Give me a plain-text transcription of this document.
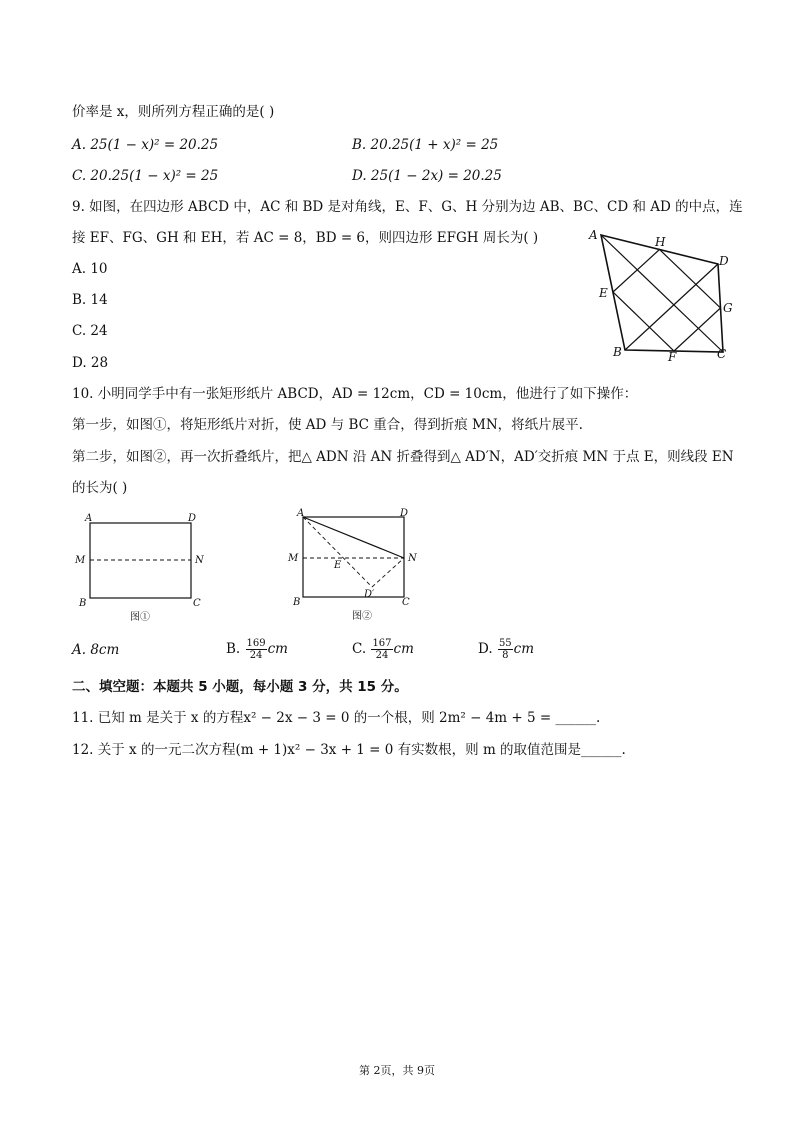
价率是 x，则所列方程正确的是( )
A. 25(1 − x)² = 20.25	B. 20.25(1 + x)² = 25
C. 20.25(1 − x)² = 25	D. 25(1 − 2x) = 20.25
9. 如图，在四边形 ABCD 中，AC 和 BD 是对角线，E、F、G、H 分别为边 AB、BC、CD 和 AD 的中点，连
接 EF、FG、GH 和 EH，若 AC = 8，BD = 6，则四边形 EFGH 周长为( )
A. 10
B. 14
C. 24
D. 28
A	H
D
E
G
B	F	C
10. 小明同学手中有一张矩形纸片 ABCD，AD = 12cm，CD = 10cm，他进行了如下操作：
第一步，如图①，将矩形纸片对折，使 AD 与 BC 重合，得到折痕 MN，将纸片展平.
第二步，如图②，再一次折叠纸片，把△ ADN 沿 AN 折叠得到△ AD′N，AD′交折痕 MN 于点 E，则线段 EN
的长为( )
A	D
M	N
B	C
图①
A	D
M
E
N
D′
B	C
图②
A. 8cm	B. $\frac{169}{24}$ cm	C. $\frac{167}{24}$ cm	D. $\frac{55}{8}$ cm
二、填空题：本题共 5 小题，每小题 3 分，共 15 分。
11. 已知 m 是关于 x 的方程x² − 2x − 3 = 0 的一个根，则 2m² − 4m + 5 = ______.
12. 关于 x 的一元二次方程(m + 1)x² − 3x + 1 = 0 有实数根，则 m 的取值范围是______.
第 2页，共 9页
